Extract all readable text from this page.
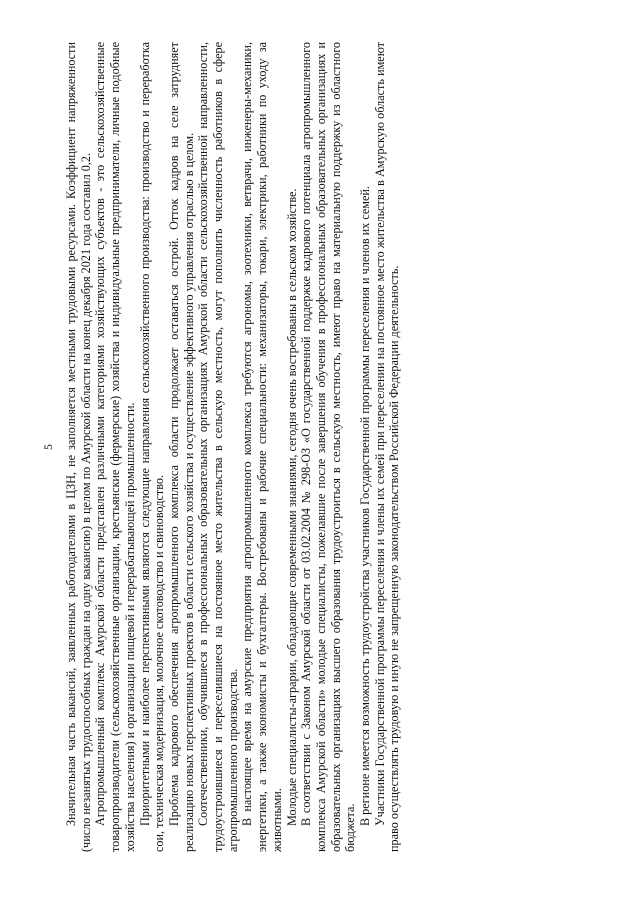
5 Значительная часть вакансий, заявленных работодателями в ЦЗН, не заполняется местными трудовыми ресурсами. Коэффициент напряженности (число незанятых трудоспособных граждан на одну вакансию) в целом по Амурской области на конец декабря 2021 года составил 0,2. Агропромышленный комплекс Амурской области представлен различными категориями хозяйствующих субъектов - это сельскохозяйственные товаропроизводители (сельскохозяйственные организации, крестьянские (фермерские) хозяйства и индивидуальные предприниматели, личные подобные хозяйства населения) и организации пищевой и перерабатывающей промышленности. Приоритетными и наиболее перспективными являются следующие направления сельскохозяйственного производства: производство и переработка сои, техническая модернизация, молочное скотоводство и свиноводство. Проблема кадрового обеспечения агропромышленного комплекса области продолжает оставаться острой. Отток кадров на селе затрудняет реализацию новых перспективных проектов в области сельского хозяйства и осуществление эффективного управления отраслью в целом. Соотечественники, обучившиеся в профессиональных образовательных организациях Амурской области сельскохозяйственной направленности, трудоустроившиеся и переселившиеся на постоянное место жительства в сельскую местность, могут пополнить численность работников в сфере агропромышленного производства. В настоящее время на амурские предприятия агропромышленного комплекса требуются агрономы, зоотехники, ветврачи, инженеры-механики, энергетики, а также экономисты и бухгалтеры. Востребованы и рабочие специальности: механизаторы, токари, электрики, работники по уходу за животными. Молодые специалисты-аграрии, обладающие современными знаниями, сегодня очень востребованы в сельском хозяйстве. В соответствии с Законом Амурской области от 03.02.2004 № 298-ОЗ «О государственной поддержке кадрового потенциала агропромышленного комплекса Амурской области» молодые специалисты, пожелавшие после завершения обучения в профессиональных образовательных организациях и образовательных организациях высшего образования трудоустроиться в сельскую местность, имеют право на материальную поддержку из областного бюджета.

В регионе имеется возможность трудоустройства участников Государственной программы переселения и членов их семей. Участники Государственной программы переселения и члены их семей при переселении на постоянное место жительства в Амурскую область имеют право осуществлять трудовую и иную не запрещенную законодательством Российской Федерации деятельность.
